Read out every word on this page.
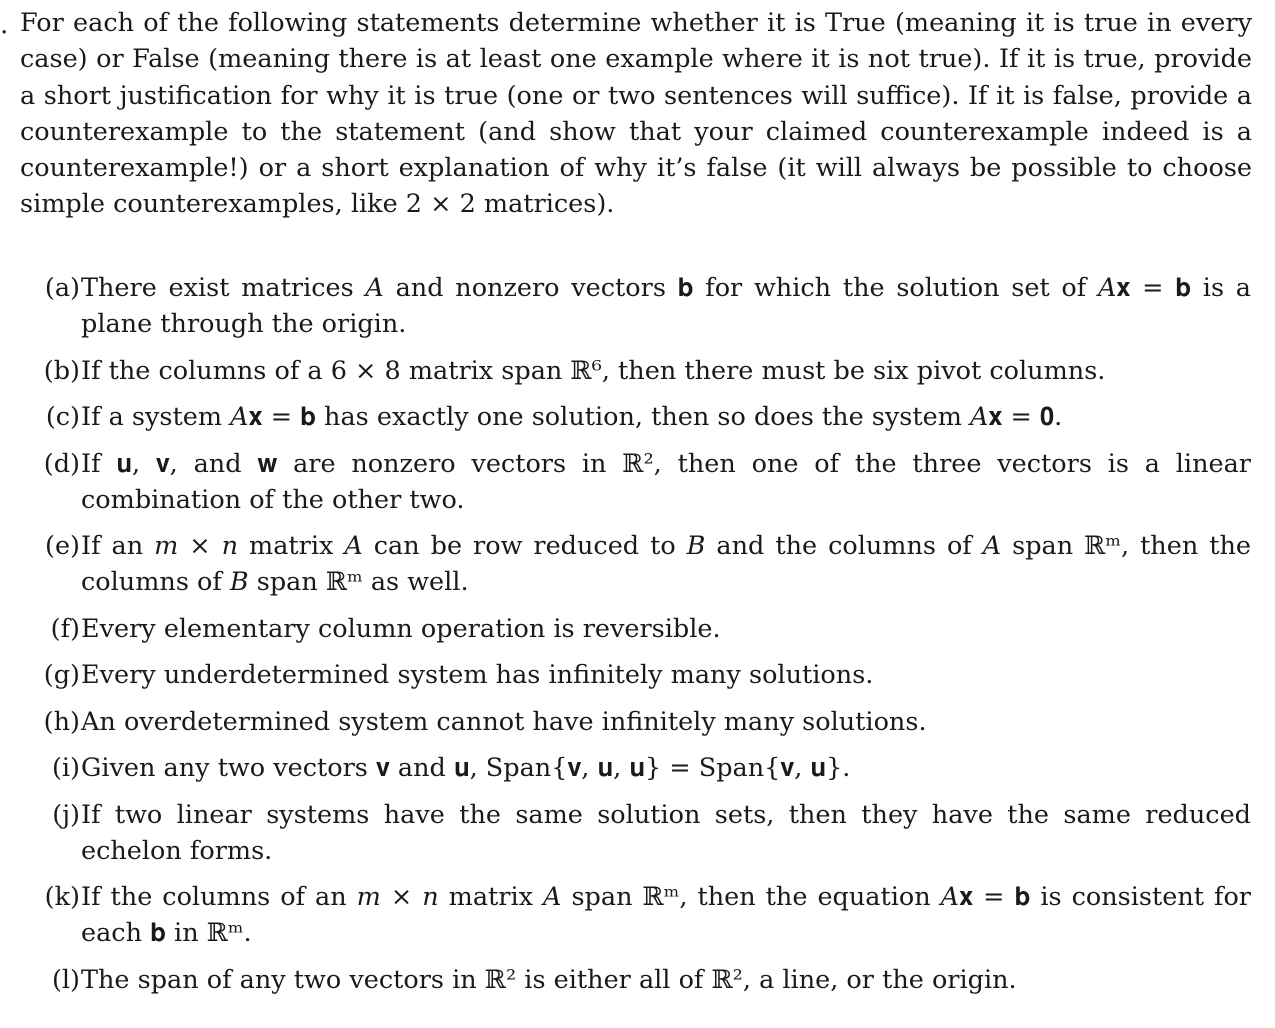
. For each of the following statements determine whether it is True (meaning it is true in every case) or False (meaning there is at least one example where it is not true). If it is true, provide a short justification for why it is true (one or two sentences will suffice). If it is false, provide a counterexample to the statement (and show that your claimed counterexample indeed is a counterexample!) or a short explanation of why it’s false (it will always be possible to choose simple counterexamples, like 2 × 2 matrices).
(a) There exist matrices 𝐴 and nonzero vectors 𝐛 for which the solution set of 𝐴𝐱 = 𝐛 is a plane through the origin.
(b) If the columns of a 6 × 8 matrix span ℝ⁶, then there must be six pivot columns.
(c) If a system 𝐴𝐱 = 𝐛 has exactly one solution, then so does the system 𝐴𝐱 = 𝟎.
(d) If 𝐮, 𝐯, and 𝐰 are nonzero vectors in ℝ², then one of the three vectors is a linear combination of the other two.
(e) If an 𝑚 × 𝑛 matrix 𝐴 can be row reduced to 𝐵 and the columns of 𝐴 span ℝᵐ, then the columns of 𝐵 span ℝᵐ as well.
(f) Every elementary column operation is reversible.
(g) Every underdetermined system has infinitely many solutions.
(h) An overdetermined system cannot have infinitely many solutions.
(i) Given any two vectors 𝐯 and 𝐮, Span{𝐯, 𝐮, 𝐮} = Span{𝐯, 𝐮}.
(j) If two linear systems have the same solution sets, then they have the same reduced echelon forms.
(k) If the columns of an 𝑚 × 𝑛 matrix 𝐴 span ℝᵐ, then the equation 𝐴𝐱 = 𝐛 is consistent for each 𝐛 in ℝᵐ.
(l) The span of any two vectors in ℝ² is either all of ℝ², a line, or the origin.
